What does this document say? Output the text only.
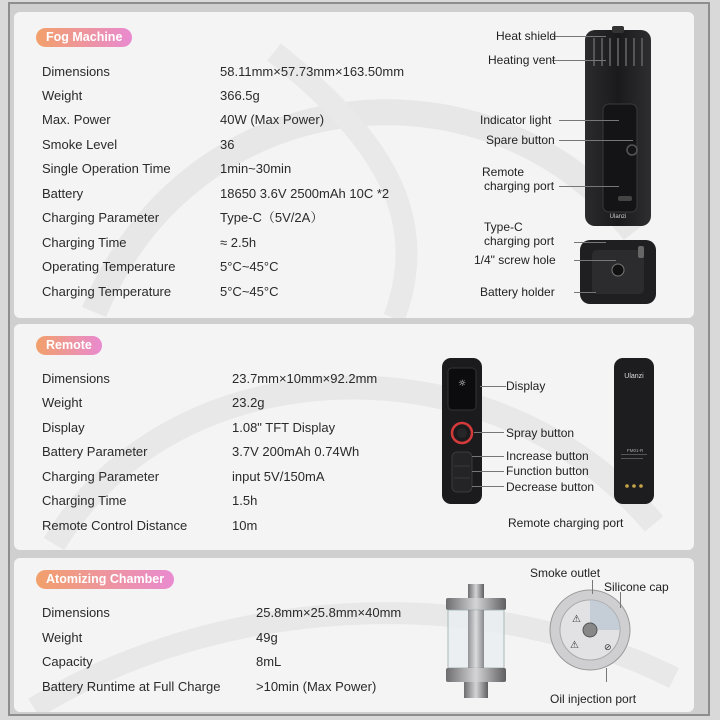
Fog Machine
Dimensions	58.11mm×57.73mm×163.50mm
Weight	366.5g
Max. Power	40W (Max Power)
Smoke Level	36
Single Operation Time	1min~30min
Battery	18650 3.6V 2500mAh 10C *2
Charging Parameter	Type-C（5V/2A）
Charging Time	≈ 2.5h
Operating Temperature	5°C~45°C
Charging Temperature	5°C~45°C
Ulanzi
Heat shield
Heating vent
Indicator light
Spare button
Remote
charging port
Type-C
charging port
1/4" screw hole
Battery holder
Remote
Dimensions	23.7mm×10mm×92.2mm
Weight	23.2g
Display	1.08" TFT Display
Battery Parameter	3.7V 200mAh 0.74Wh
Charging Parameter	input 5V/150mA
Charging Time	1.5h
Remote Control Distance	10m
☼
Ulanzi
FM01-R
Display
Spray button
Increase button
Function button
Decrease button
Remote charging port
Atomizing Chamber
Dimensions	25.8mm×25.8mm×40mm
Weight	49g
Capacity	8mL
Battery Runtime at Full Charge	>10min (Max Power)
⚠
⚠	⊘
Smoke outlet
Silicone cap
Oil injection port
